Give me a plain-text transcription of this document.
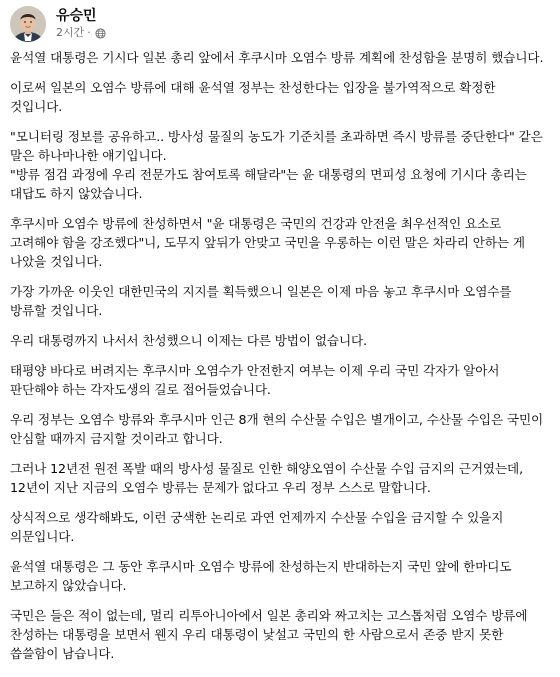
유승민
2시간 ·

윤석열 대통령은 기시다 일본 총리 앞에서 후쿠시마 오염수 방류 계획에 찬성함을 분명히 했습니다.

이로써 일본의 오염수 방류에 대해 윤석열 정부는 찬성한다는 입장을 불가역적으로 확정한 것입니다.

"모니터링 정보를 공유하고.. 방사성 물질의 농도가 기준치를 초과하면 즉시 방류를 중단한다" 같은 말은 하나마나한 얘기입니다.

"방류 점검 과정에 우리 전문가도 참여토록 해달라"는 윤 대통령의 면피성 요청에 기시다 총리는 대답도 하지 않았습니다.

후쿠시마 오염수 방류에 찬성하면서 "윤 대통령은 국민의 건강과 안전을 최우선적인 요소로 고려해야 함을 강조했다"니, 도무지 앞뒤가 안맞고 국민을 우롱하는 이런 말은 차라리 안하는 게 나았을 것입니다.

가장 가까운 이웃인 대한민국의 지지를 획득했으니 일본은 이제 마음 놓고 후쿠시마 오염수를 방류할 것입니다.

우리 대통령까지 나서서 찬성했으니 이제는 다른 방법이 없습니다.

태평양 바다로 버려지는 후쿠시마 오염수가 안전한지 여부는 이제 우리 국민 각자가 알아서 판단해야 하는 각자도생의 길로 접어들었습니다.

우리 정부는 오염수 방류와 후쿠시마 인근 8개 현의 수산물 수입은 별개이고, 수산물 수입은 국민이 안심할 때까지 금지할 것이라고 합니다.

그러나 12년전 원전 폭발 때의 방사성 물질로 인한 해양오염이 수산물 수입 금지의 근거였는데, 12년이 지난 지금의 오염수 방류는 문제가 없다고 우리 정부 스스로 말합니다.

상식적으로 생각해봐도, 이런 궁색한 논리로 과연 언제까지 수산물 수입을 금지할 수 있을지 의문입니다.

윤석열 대통령은 그 동안 후쿠시마 오염수 방류에 찬성하는지 반대하는지 국민 앞에 한마디도 보고하지 않았습니다.

국민은 들은 적이 없는데, 멀리 리투아니아에서 일본 총리와 짜고치는 고스톱처럼 오염수 방류에 찬성하는 대통령을 보면서 웬지 우리 대통령이 낯설고 국민의 한 사람으로서 존중 받지 못한 씁쓸함이 남습니다.
